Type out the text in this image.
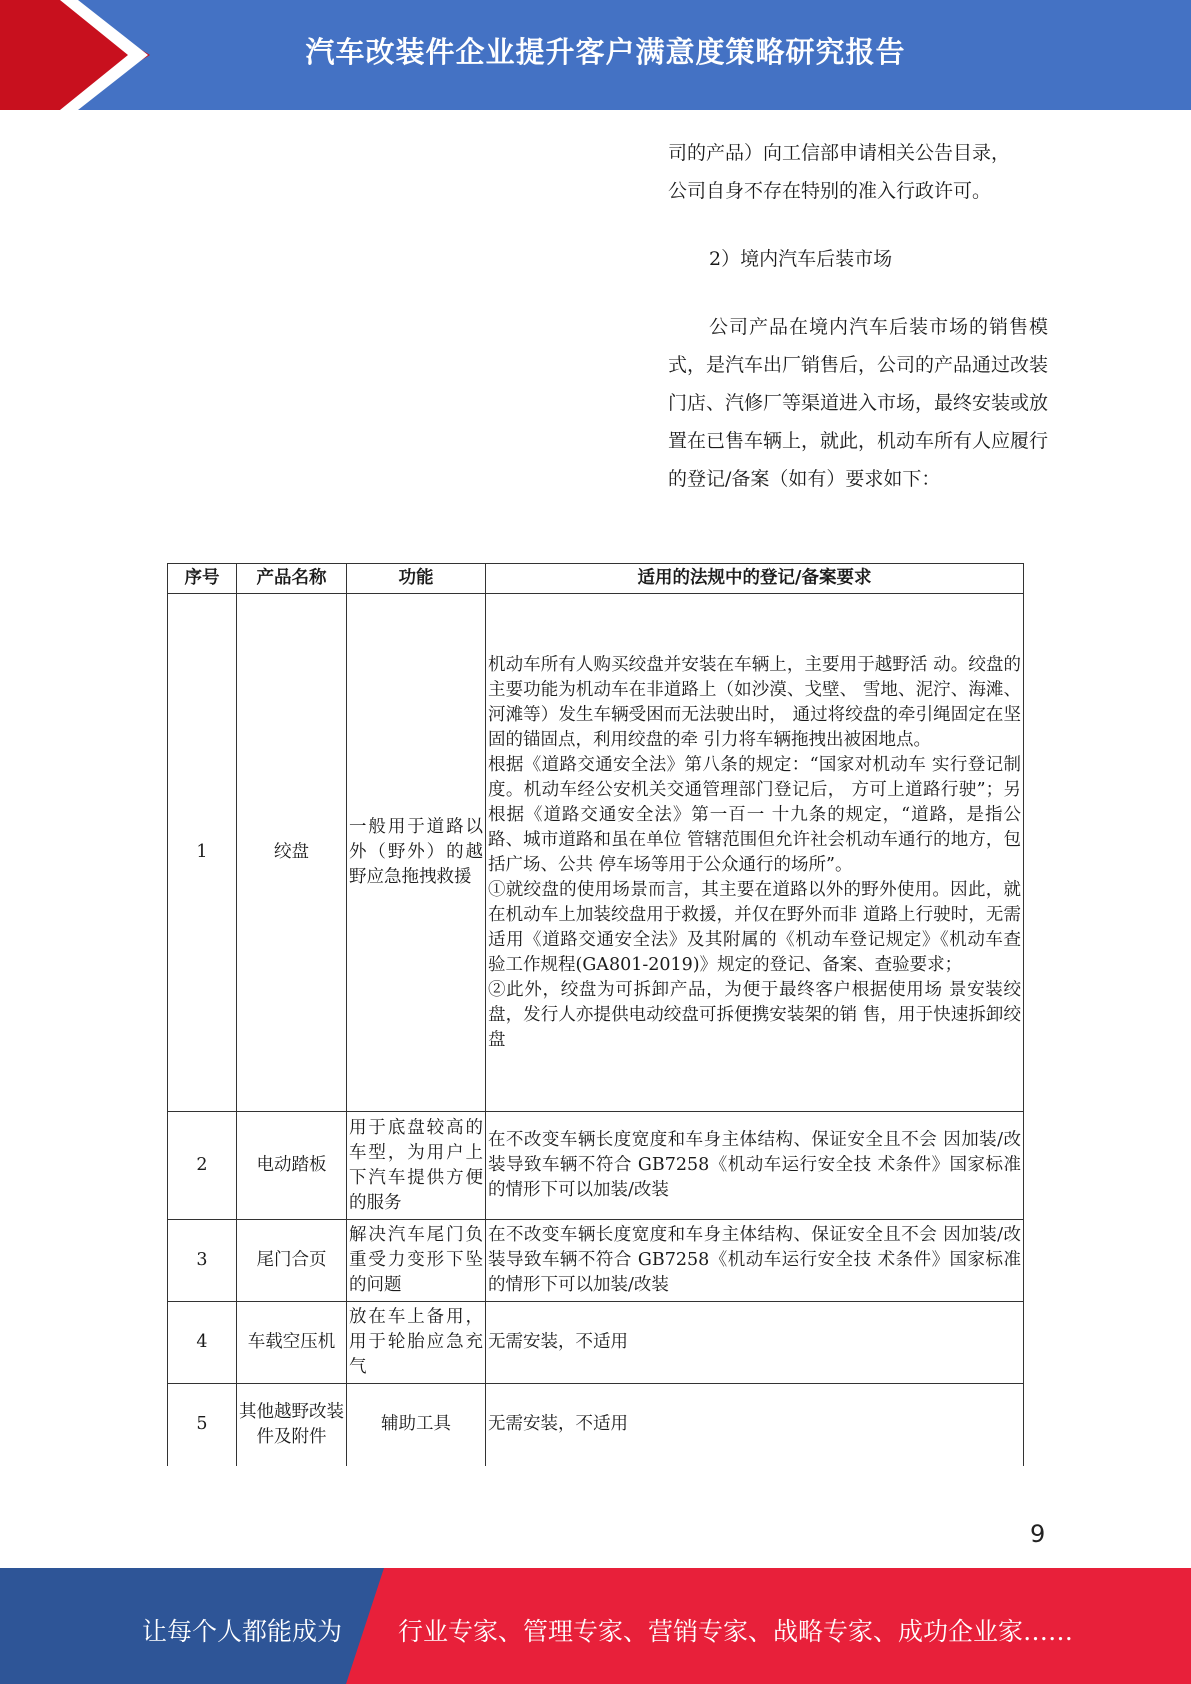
汽车改装件企业提升客户满意度策略研究报告

司的产品）向工信部申请相关公告目录，

公司自身不存在特别的准入行政许可。

2）境内汽车后装市场
公司产品在境内汽车后装市场的销售模式，是汽车出厂销售后，公司的产品通过改装门店、汽修厂等渠道进入市场，最终安装或放置在已售车辆上，就此，机动车所有人应履行的登记/备案（如有）要求如下：
序号	产品名称	功能	适用的法规中的登记/备案要求
1	绞盘	一般用于道路以外（野外）的越野应急拖拽救援	机动车所有人购买绞盘并安装在车辆上，主要用于越野活 动。绞盘的主要功能为机动车在非道路上（如沙漠、戈壁、 雪地、泥泞、海滩、河滩等）发生车辆受困而无法驶出时， 通过将绞盘的牵引绳固定在坚固的锚固点，利用绞盘的牵 引力将车辆拖拽出被困地点。
根据《道路交通安全法》第八条的规定：“国家对机动车 实行登记制度。机动车经公安机关交通管理部门登记后， 方可上道路行驶”；另根据《道路交通安全法》第一百一 十九条的规定，“道路，是指公路、城市道路和虽在单位 管辖范围但允许社会机动车通行的地方，包括广场、公共 停车场等用于公众通行的场所”。
①就绞盘的使用场景而言，其主要在道路以外的野外使用。因此，就在机动车上加装绞盘用于救援，并仅在野外而非 道路上行驶时，无需适用《道路交通安全法》及其附属的《机动车登记规定》《机动车查验工作规程(GA801-2019)》规定的登记、备案、查验要求；
②此外，绞盘为可拆卸产品，为便于最终客户根据使用场 景安装绞盘，发行人亦提供电动绞盘可拆便携安装架的销 售，用于快速拆卸绞盘

2	电动踏板	用于底盘较高的车型，为用户上下汽车提供方便的服务	在不改变车辆长度宽度和车身主体结构、保证安全且不会 因加装/改装导致车辆不符合 GB7258《机动车运行安全技 术条件》国家标准的情形下可以加装/改装
3	尾门合页	解决汽车尾门负重受力变形下坠的问题	在不改变车辆长度宽度和车身主体结构、保证安全且不会 因加装/改装导致车辆不符合 GB7258《机动车运行安全技 术条件》国家标准的情形下可以加装/改装
4	车载空压机	放在车上备用，用于轮胎应急充气	无需安装，不适用
5	其他越野改装件及附件	辅助工具	无需安装，不适用
9
让每个人都能成为 行业专家、管理专家、营销专家、战略专家、成功企业家……
